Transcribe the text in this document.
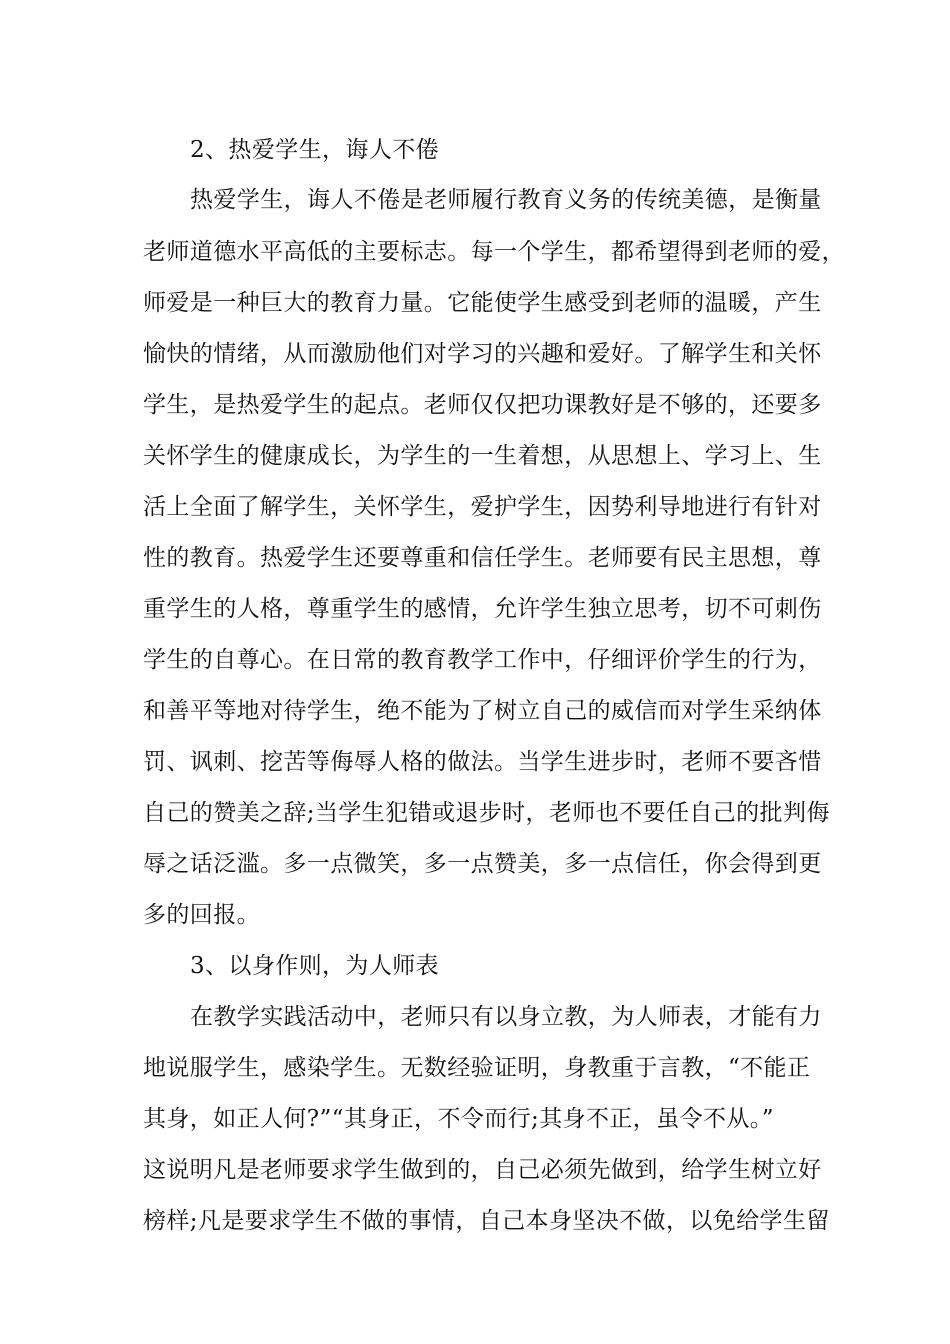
2、热爱学生，诲人不倦
热爱学生，诲人不倦是老师履行教育义务的传统美德，是衡量
老师道德水平高低的主要标志。每一个学生，都希望得到老师的爱，
师爱是一种巨大的教育力量。它能使学生感受到老师的温暖，产生
愉快的情绪，从而激励他们对学习的兴趣和爱好。了解学生和关怀
学生，是热爱学生的起点。老师仅仅把功课教好是不够的，还要多
关怀学生的健康成长，为学生的一生着想，从思想上、学习上、生
活上全面了解学生，关怀学生，爱护学生，因势利导地进行有针对
性的教育。热爱学生还要尊重和信任学生。老师要有民主思想，尊
重学生的人格，尊重学生的感情，允许学生独立思考，切不可刺伤
学生的自尊心。在日常的教育教学工作中，仔细评价学生的行为，
和善平等地对待学生，绝不能为了树立自己的威信而对学生采纳体
罚、讽刺、挖苦等侮辱人格的做法。当学生进步时，老师不要吝惜
自己的赞美之辞;当学生犯错或退步时，老师也不要任自己的批判侮
辱之话泛滥。多一点微笑，多一点赞美，多一点信任，你会得到更
多的回报。
3、以身作则，为人师表
在教学实践活动中，老师只有以身立教，为人师表，才能有力
地说服学生，感染学生。无数经验证明，身教重于言教，“不能正
其身，如正人何?”“其身正，不令而行;其身不正，虽令不从。”
这说明凡是老师要求学生做到的，自己必须先做到，给学生树立好
榜样;凡是要求学生不做的事情，自己本身坚决不做，以免给学生留
